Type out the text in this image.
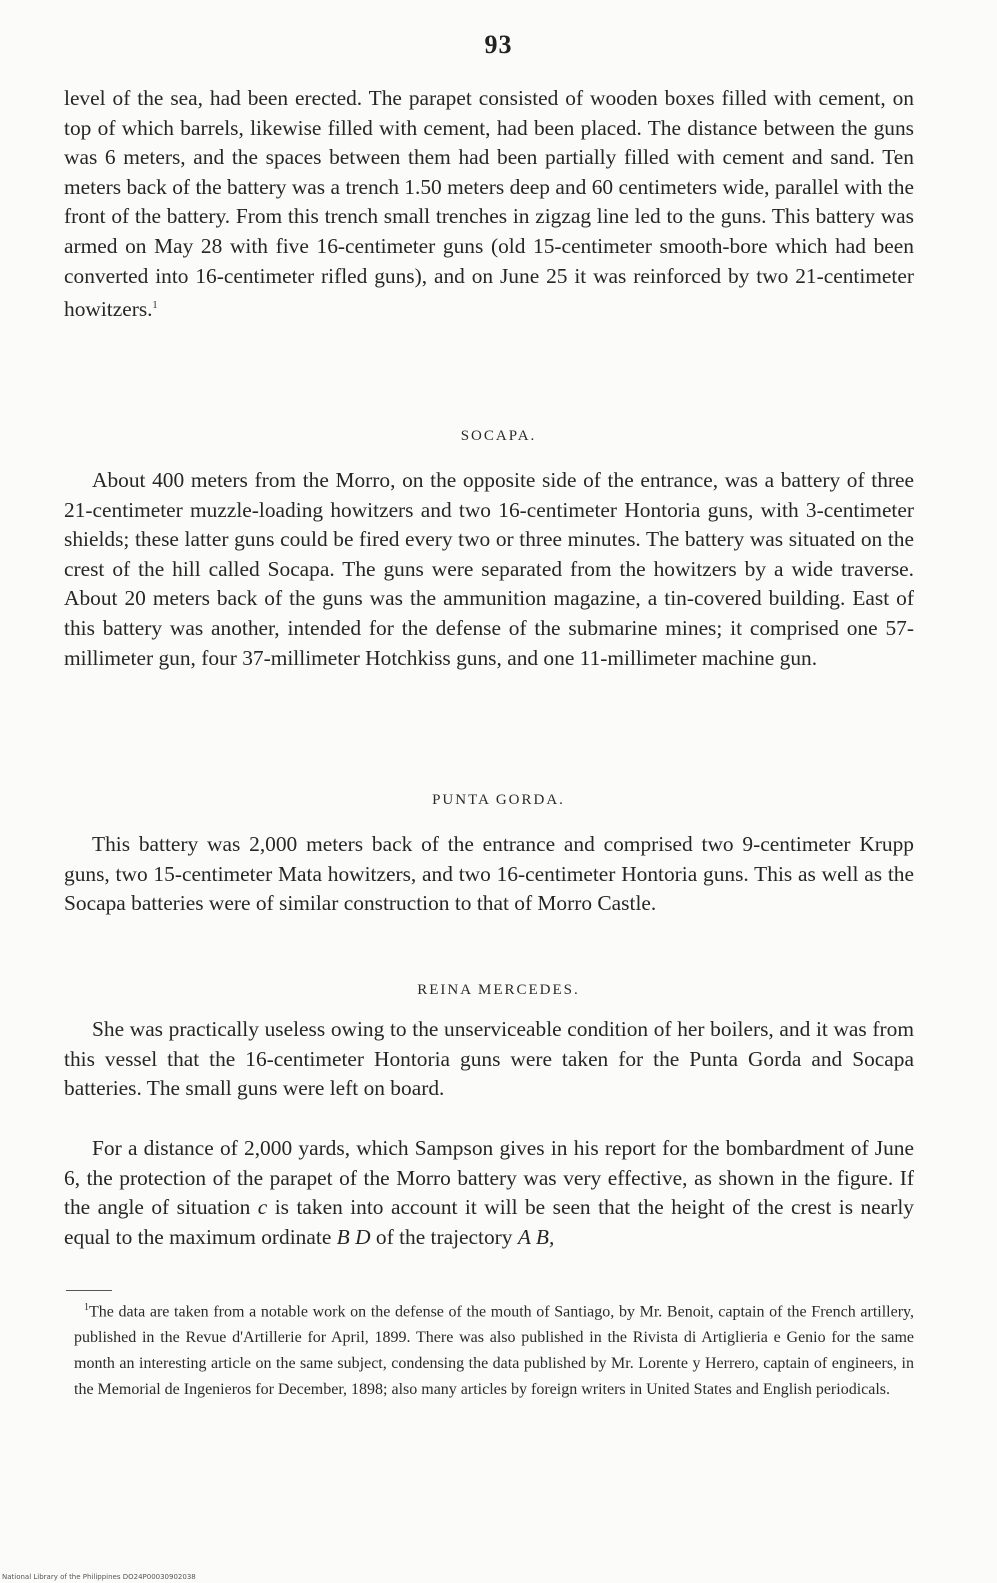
93

level of the sea, had been erected. The parapet consisted of wooden boxes filled with cement, on top of which barrels, likewise filled with cement, had been placed. The distance between the guns was 6 meters, and the spaces between them had been partially filled with cement and sand. Ten meters back of the battery was a trench 1.50 meters deep and 60 centimeters wide, parallel with the front of the battery. From this trench small trenches in zigzag line led to the guns. This battery was armed on May 28 with five 16-centimeter guns (old 15-centimeter smooth-bore which had been converted into 16-centimeter rifled guns), and on June 25 it was reinforced by two 21-centimeter howitzers.$^1$

SOCAPA.

About 400 meters from the Morro, on the opposite side of the entrance, was a battery of three 21-centimeter muzzle-loading howitzers and two 16-centimeter Hontoria guns, with 3-centimeter shields; these latter guns could be fired every two or three minutes. The battery was situated on the crest of the hill called Socapa. The guns were separated from the howitzers by a wide traverse. About 20 meters back of the guns was the ammunition magazine, a tin-covered building. East of this battery was another, intended for the defense of the submarine mines; it comprised one 57-millimeter gun, four 37-millimeter Hotchkiss guns, and one 11-millimeter machine gun.

PUNTA GORDA.

This battery was 2,000 meters back of the entrance and comprised two 9-centimeter Krupp guns, two 15-centimeter Mata howitzers, and two 16-centimeter Hontoria guns. This as well as the Socapa batteries were of similar construction to that of Morro Castle.

REINA MERCEDES.

She was practically useless owing to the unserviceable condition of her boilers, and it was from this vessel that the 16-centimeter Hontoria guns were taken for the Punta Gorda and Socapa batteries. The small guns were left on board.

For a distance of 2,000 yards, which Sampson gives in his report for the bombardment of June 6, the protection of the parapet of the Morro battery was very effective, as shown in the figure. If the angle of situation c is taken into account it will be seen that the height of the crest is nearly equal to the maximum ordinate B D of the trajectory A B,

$^1$The data are taken from a notable work on the defense of the mouth of Santiago, by Mr. Benoit, captain of the French artillery, published in the Revue d'Artillerie for April, 1899. There was also published in the Rivista di Artiglieria e Genio for the same month an interesting article on the same subject, condensing the data published by Mr. Lorente y Herrero, captain of engineers, in the Memorial de Ingenieros for December, 1898; also many articles by foreign writers in United States and English periodicals.

National Library of the Philippines DO24P00030902038
